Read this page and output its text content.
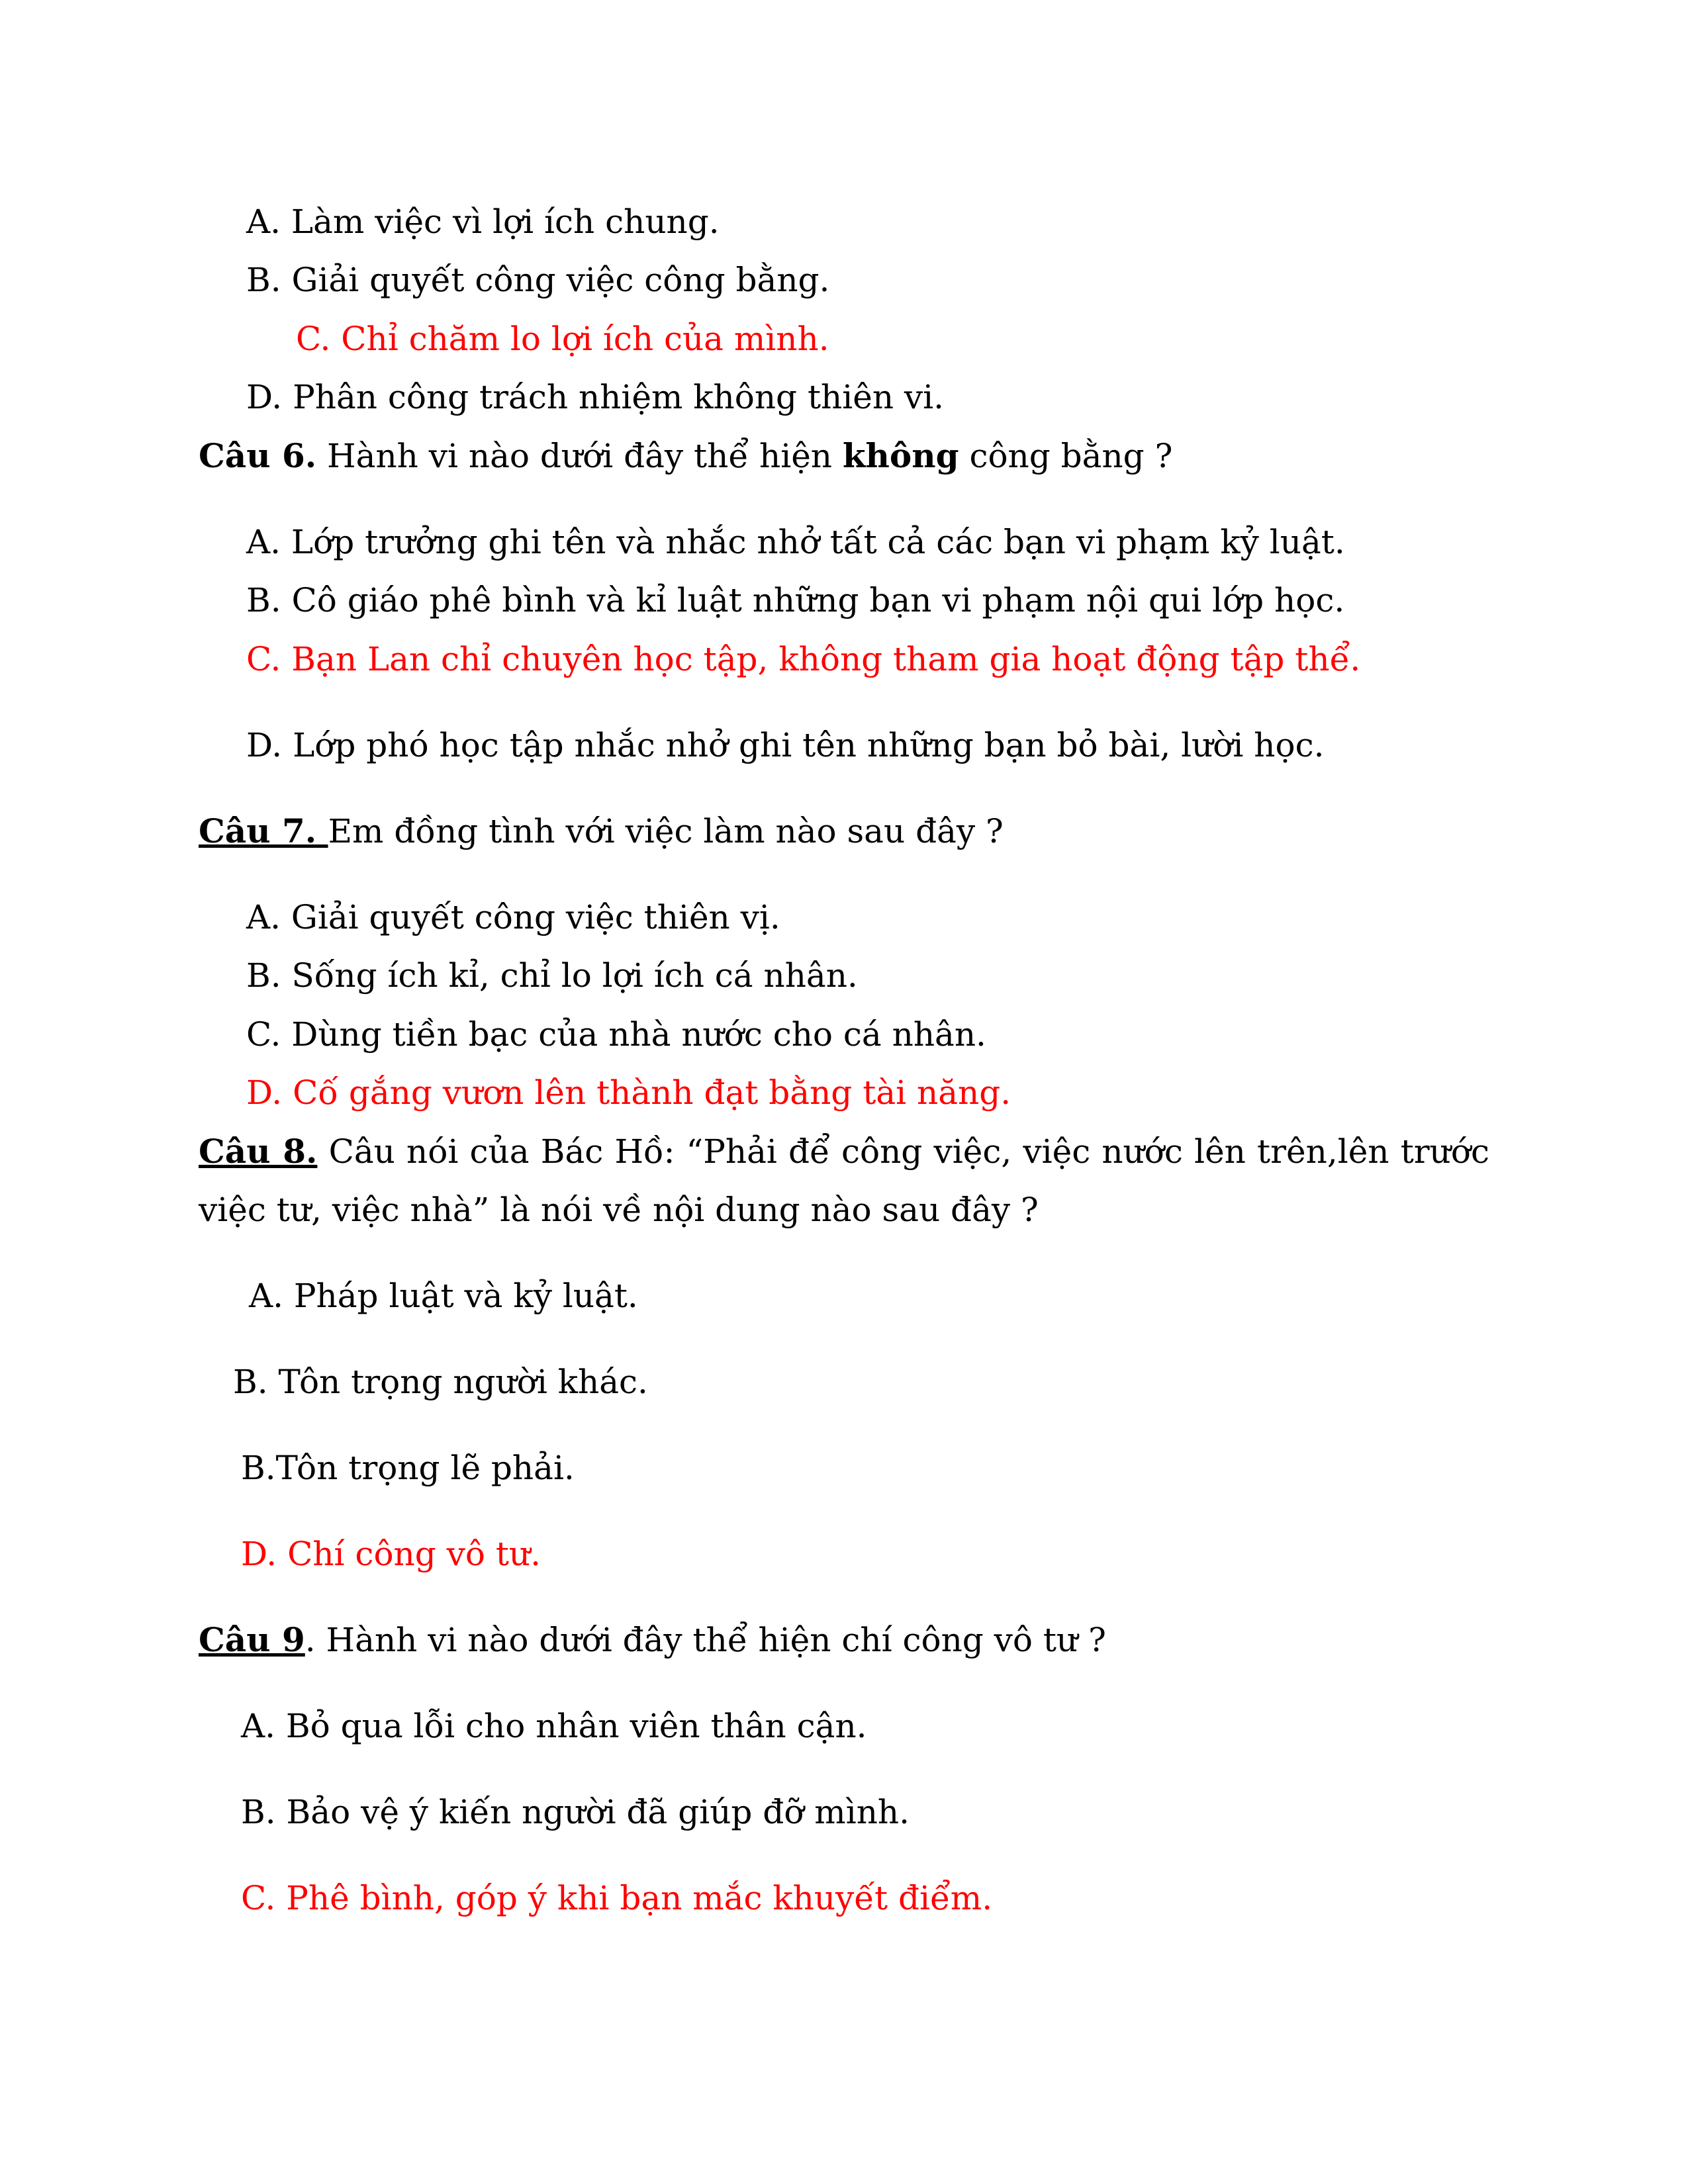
A. Làm việc vì lợi ích chung.

B. Giải quyết công việc công bằng.

C. Chỉ chăm lo lợi ích của mình.

D. Phân công trách nhiệm không thiên vi.

Câu 6. Hành vi nào dưới đây thể hiện không công bằng ?

A. Lớp trưởng ghi tên và nhắc nhở tất cả các bạn vi phạm kỷ luật.

B. Cô giáo phê bình và kỉ luật những bạn vi phạm nội qui lớp học.

C. Bạn Lan chỉ chuyên học tập, không tham gia hoạt động tập thể.

D. Lớp phó học tập nhắc nhở ghi tên những bạn bỏ bài, lười học.

Câu 7. Em đồng tình với việc làm nào sau đây ?

A. Giải quyết công việc thiên vị.

B. Sống ích kỉ, chỉ lo lợi ích cá nhân.

C. Dùng tiền bạc của nhà nước cho cá nhân.

D. Cố gắng vươn lên thành đạt bằng tài năng.

Câu 8. Câu nói của Bác Hồ: “Phải để công việc, việc nước lên trên,lên trước

việc tư, việc nhà” là nói về nội dung nào sau đây ?

A. Pháp luật và kỷ luật.

B. Tôn trọng người khác.

B.Tôn trọng lẽ phải.

D. Chí công vô tư.

Câu 9. Hành vi nào dưới đây thể hiện chí công vô tư ?

A. Bỏ qua lỗi cho nhân viên thân cận.

B. Bảo vệ ý kiến người đã giúp đỡ mình.

C. Phê bình, góp ý khi bạn mắc khuyết điểm.
